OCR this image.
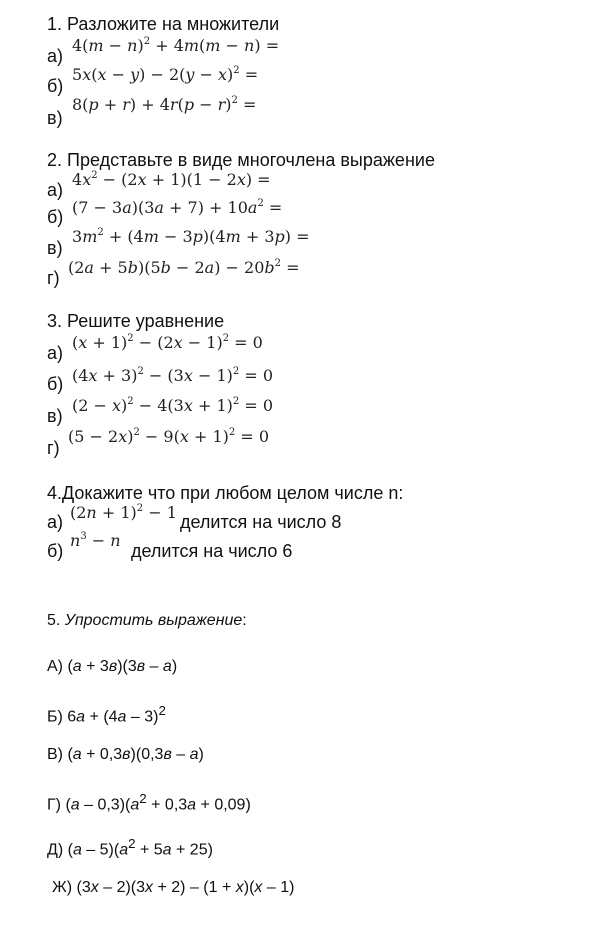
1. Разложите на множители
а)
$4(m - n)^2 + 4m(m - n)$ =
б)
$5x(x - y) - 2(y - x)^2$ =
в)
$8(p + r) + 4r(p - r)^2$ =
2. Представьте в виде многочлена выражение
а)
$4x^2 - (2x + 1)(1 - 2x)$ =
б) $(7 - 3a)(3a + 7) + 10a^2$ =
в)
$3m^2 + (4m - 3p)(4m + 3p)$ =
г)
$(2a + 5b)(5b - 2a) - 20b^2$ =
3. Решите уравнение
а)
$(x + 1)^2 - (2x - 1)^2 = 0$
б) $(4x + 3)^2 - (3x - 1)^2 = 0$
в)
$(2 - x)^2 - 4(3x + 1)^2 = 0$
г)
$(5 - 2x)^2 - 9(x + 1)^2 = 0$
4.Докажите что при любом целом числе n:
а) $(2n + 1)^2 - 1$ делится на число 8
б)
$n^3 - n$
делится на число 6
5. Упростить выражение:
А) (a + 3в)(3в – a)
Б) 6a + (4a – 3)$^2$
В) (a + 0,3в)(0,3в – a)
Г) $(a - 0,3)(a^2 + 0,3a + 0,09)$
Д) $(a - 5)(a^2 + 5a + 25)$
Ж) (3x – 2)(3x + 2) – (1 + x)(x – 1)
